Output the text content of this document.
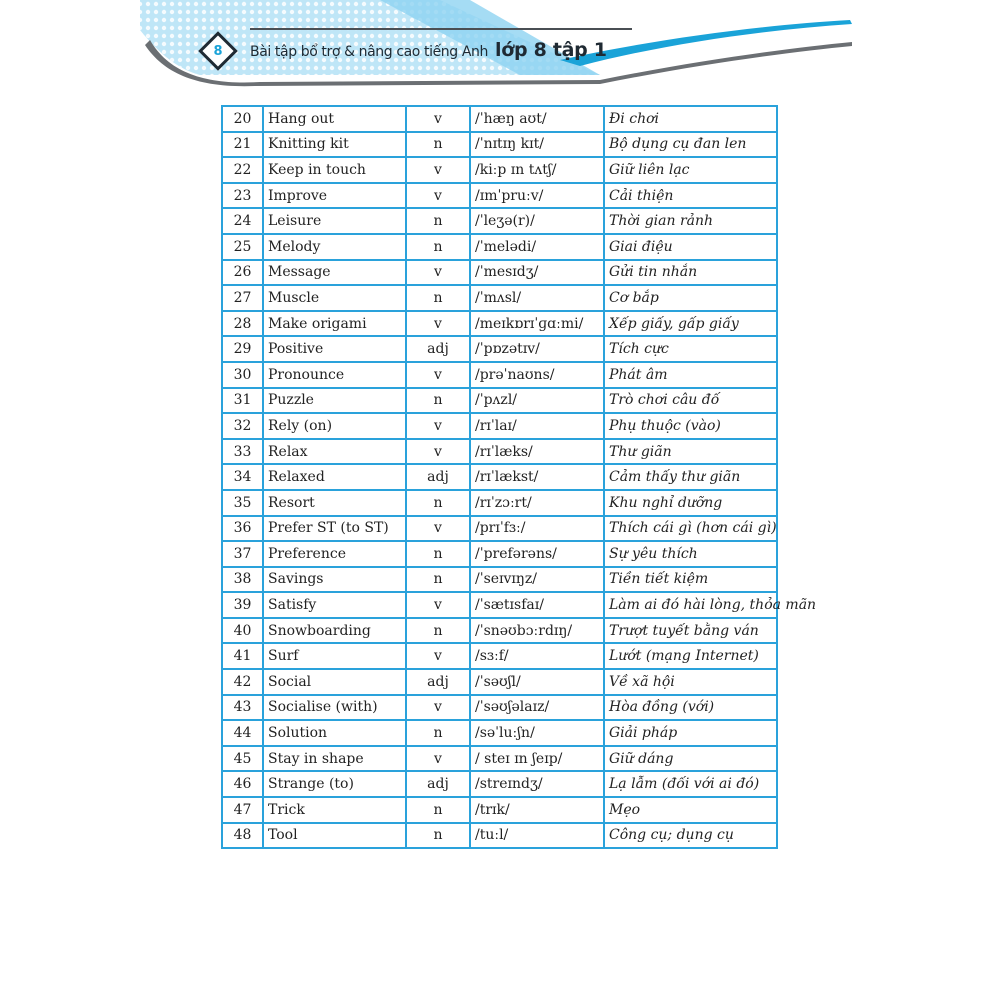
8 Bài tập bổ trợ & nâng cao tiếng Anh lớp 8 tập 1
20	Hang out	v	/ˈhæŋ aʊt/	Đi chơi
21	Knitting kit	n	/ˈnɪtɪŋ kɪt/	Bộ dụng cụ đan len
22	Keep in touch	v	/kiːp ɪn tʌtʃ/	Giữ liên lạc
23	Improve	v	/ɪmˈpruːv/	Cải thiện
24	Leisure	n	/ˈleʒə(r)/	Thời gian rảnh
25	Melody	n	/ˈmelədi/	Giai điệu
26	Message	v	/ˈmesɪdʒ/	Gửi tin nhắn
27	Muscle	n	/ˈmʌsl/	Cơ bắp
28	Make origami	v	/meɪkɒrɪˈɡɑːmi/	Xếp giấy, gấp giấy
29	Positive	adj	/ˈpɒzətɪv/	Tích cực
30	Pronounce	v	/prəˈnaʊns/	Phát âm
31	Puzzle	n	/ˈpʌzl/	Trò chơi câu đố
32	Rely (on)	v	/rɪˈlaɪ/	Phụ thuộc (vào)
33	Relax	v	/rɪˈlæks/	Thư giãn
34	Relaxed	adj	/rɪˈlækst/	Cảm thấy thư giãn
35	Resort	n	/rɪˈzɔːrt/	Khu nghỉ dưỡng
36	Prefer ST (to ST)	v	/prɪˈfɜː/	Thích cái gì (hơn cái gì)
37	Preference	n	/ˈprefərəns/	Sự yêu thích
38	Savings	n	/ˈseɪvɪŋz/	Tiền tiết kiệm
39	Satisfy	v	/ˈsætɪsfaɪ/	Làm ai đó hài lòng, thỏa mãn
40	Snowboarding	n	/ˈsnəʊbɔːrdɪŋ/	Trượt tuyết bằng ván
41	Surf	v	/sɜːf/	Lướt (mạng Internet)
42	Social	adj	/ˈsəʊʃl/	Về xã hội
43	Socialise (with)	v	/ˈsəʊʃəlaɪz/	Hòa đồng (với)
44	Solution	n	/səˈluːʃn/	Giải pháp
45	Stay in shape	v	/ steɪ ɪn ʃeɪp/	Giữ dáng
46	Strange (to)	adj	/streɪndʒ/	Lạ lẫm (đối với ai đó)
47	Trick	n	/trɪk/	Mẹo
48	Tool	n	/tuːl/	Công cụ; dụng cụ
